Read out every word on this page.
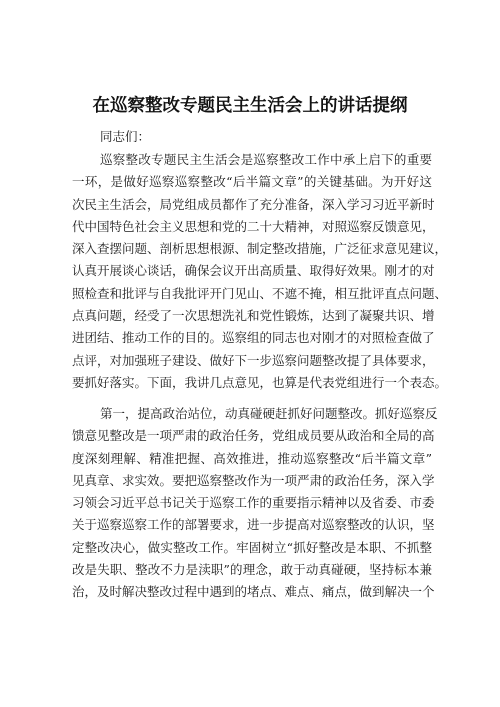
在巡察整改专题民主生活会上的讲话提纲
同志们：
巡察整改专题民主生活会是巡察整改工作中承上启下的重要
一环，是做好巡察巡察整改“后半篇文章”的关键基础。为开好这
次民主生活会，局党组成员都作了充分准备，深入学习习近平新时
代中国特色社会主义思想和党的二十大精神，对照巡察反馈意见，
深入查摆问题、剖析思想根源、制定整改措施，广泛征求意见建议，
认真开展谈心谈话，确保会议开出高质量、取得好效果。刚才的对
照检查和批评与自我批评开门见山、不遮不掩，相互批评直点问题、
点真问题，经受了一次思想洗礼和党性锻炼，达到了凝聚共识、增
进团结、推动工作的目的。巡察组的同志也对刚才的对照检查做了
点评，对加强班子建设、做好下一步巡察问题整改提了具体要求，
要抓好落实。下面，我讲几点意见，也算是代表党组进行一个表态。
第一，提高政治站位，动真碰硬赶抓好问题整改。抓好巡察反
馈意见整改是一项严肃的政治任务，党组成员要从政治和全局的高
度深刻理解、精准把握、高效推进，推动巡察整改“后半篇文章”
见真章、求实效。要把巡察整改作为一项严肃的政治任务，深入学
习领会习近平总书记关于巡察工作的重要指示精神以及省委、市委
关于巡察巡察工作的部署要求，进一步提高对巡察整改的认识，坚
定整改决心，做实整改工作。牢固树立“抓好整改是本职、不抓整
改是失职、整改不力是渎职”的理念，敢于动真碰硬，坚持标本兼
治，及时解决整改过程中遇到的堵点、难点、痛点，做到解决一个
